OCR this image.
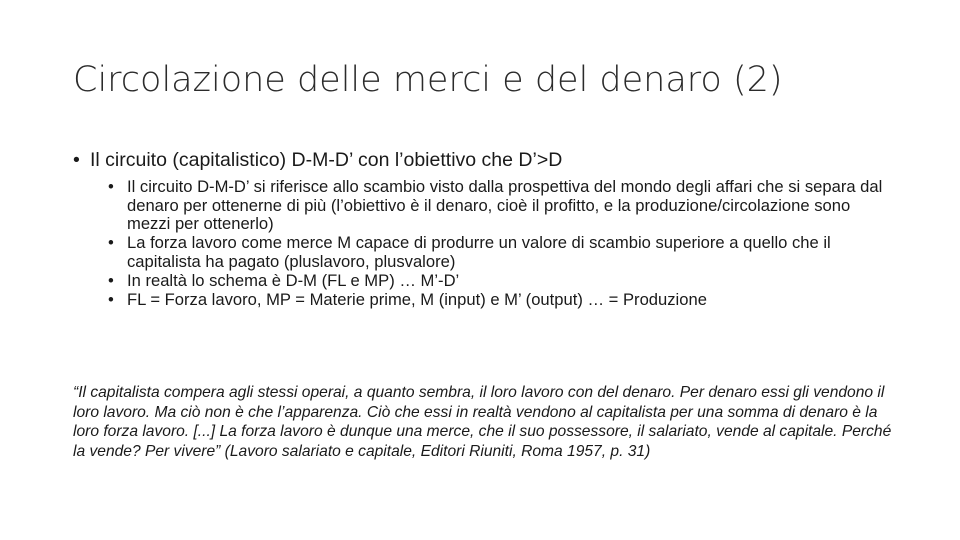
Circolazione delle merci e del denaro (2)
• Il circuito (capitalistico) D-M-D’ con l’obiettivo che D’>D
• Il circuito D-M-D’ si riferisce allo scambio visto dalla prospettiva del mondo degli affari che si separa dal denaro per ottenerne di più (l’obiettivo è il denaro, cioè il profitto, e la produzione/circolazione sono mezzi per ottenerlo)
• La forza lavoro come merce M capace di produrre un valore di scambio superiore a quello che il capitalista ha pagato (pluslavoro, plusvalore)
• In realtà lo schema è D-M (FL e MP) … M’-D’
• FL = Forza lavoro, MP = Materie prime, M (input) e M’ (output) … = Produzione

“Il capitalista compera agli stessi operai, a quanto sembra, il loro lavoro con del denaro. Per denaro essi gli vendono il loro lavoro. Ma ciò non è che l’apparenza. Ciò che essi in realtà vendono al capitalista per una somma di denaro è la loro forza lavoro. [...] La forza lavoro è dunque una merce, che il suo possessore, il salariato, vende al capitale. Perché la vende? Per vivere” (Lavoro salariato e capitale, Editori Riuniti, Roma 1957, p. 31)
